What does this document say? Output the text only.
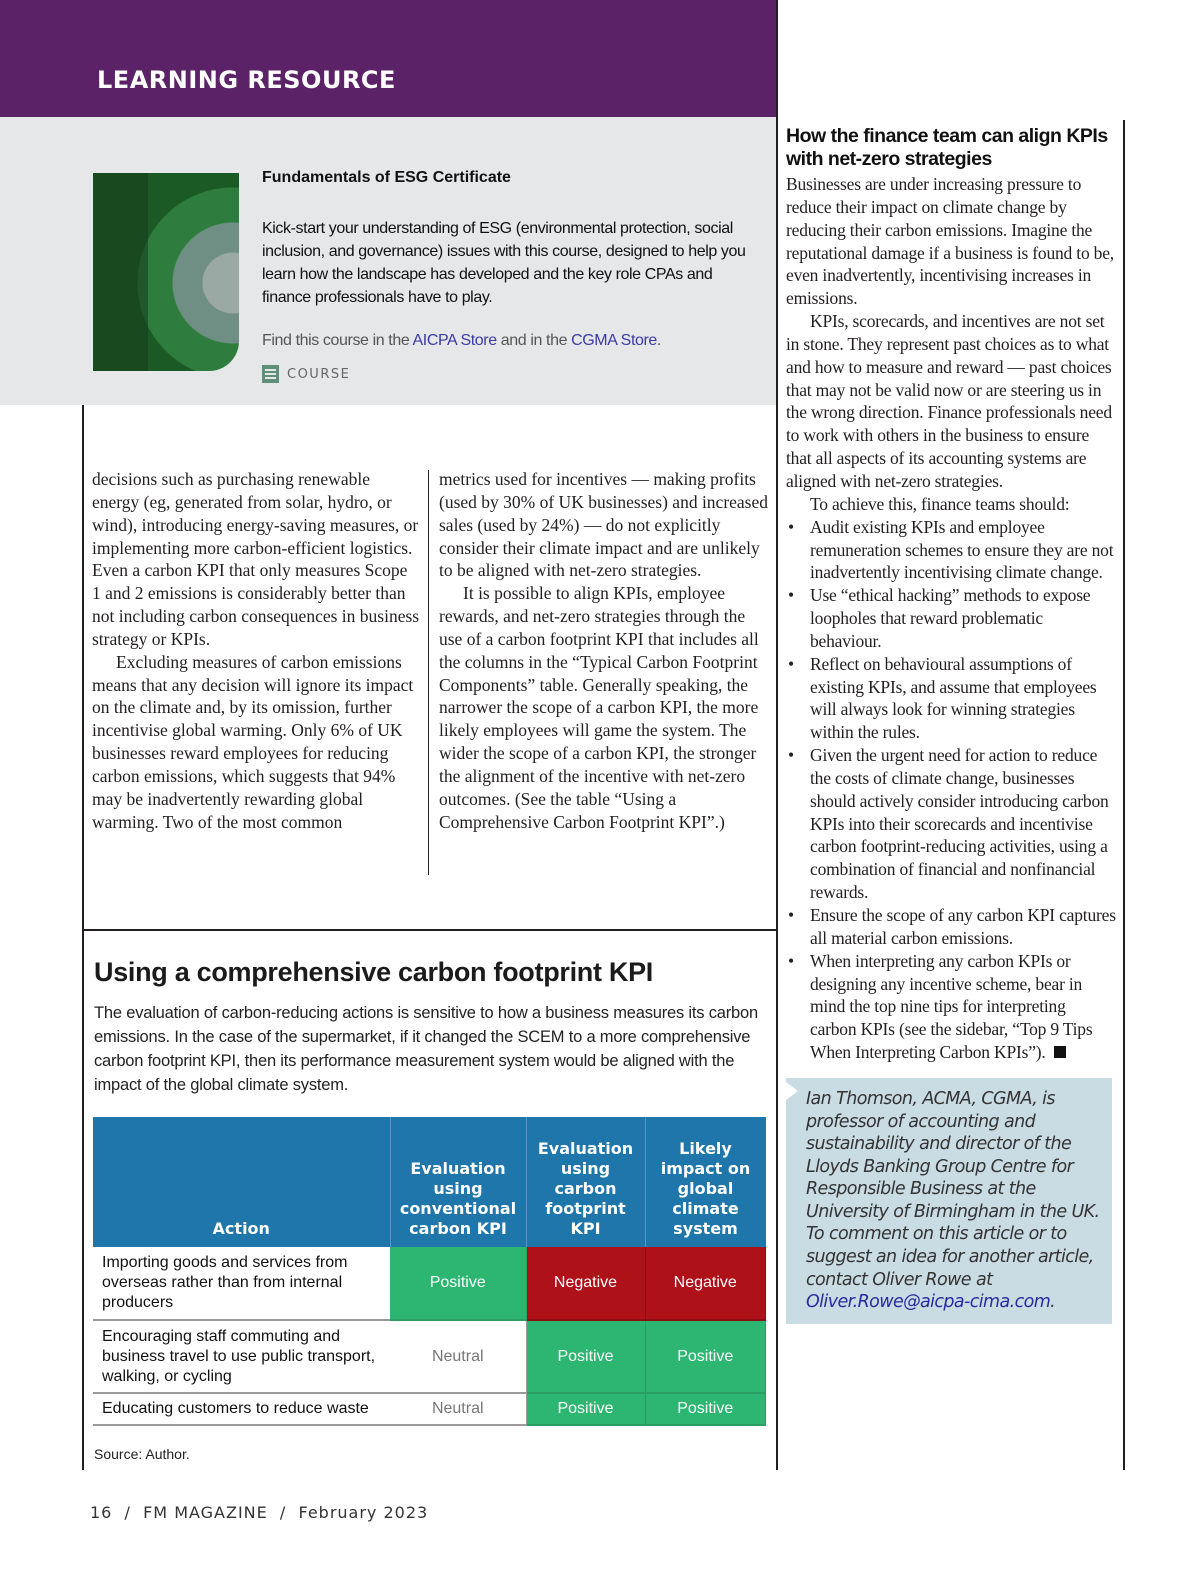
LEARNING RESOURCE
Fundamentals of ESG Certificate
Kick-start your understanding of ESG (environmental protection, social inclusion, and governance) issues with this course, designed to help you learn how the landscape has developed and the key role CPAs and finance professionals have to play.
Find this course in the AICPA Store and in the CGMA Store.
COURSE

decisions such as purchasing renewable energy (eg, generated from solar, hydro, or wind), introducing energy-saving measures, or implementing more carbon-efficient logistics. Even a carbon KPI that only measures Scope 1 and 2 emissions is considerably better than not including carbon consequences in business strategy or KPIs.

Excluding measures of carbon emissions means that any decision will ignore its impact on the climate and, by its omission, further incentivise global warming. Only 6% of UK businesses reward employees for reducing carbon emissions, which suggests that 94% may be inadvertently rewarding global warming. Two of the most common

metrics used for incentives — making profits (used by 30% of UK businesses) and increased sales (used by 24%) — do not explicitly consider their climate impact and are unlikely to be aligned with net-zero strategies.

It is possible to align KPIs, employee rewards, and net-zero strategies through the use of a carbon footprint KPI that includes all the columns in the “Typical Carbon Footprint Components” table. Generally speaking, the narrower the scope of a carbon KPI, the more likely employees will game the system. The wider the scope of a carbon KPI, the stronger the alignment of the incentive with net-zero outcomes. (See the table “Using a Comprehensive Carbon Footprint KPI”.)

Using a comprehensive carbon footprint KPI
The evaluation of carbon-reducing actions is sensitive to how a business measures its carbon emissions. In the case of the supermarket, if it changed the SCEM to a more comprehensive carbon footprint KPI, then its performance measurement system would be aligned with the impact of the global climate system.
Action	Evaluation using conventional carbon KPI	Evaluation using carbon footprint KPI	Likely impact on global climate system
Importing goods and services from overseas rather than from internal producers	Positive	Negative	Negative
Encouraging staff commuting and business travel to use public transport, walking, or cycling	Neutral	Positive	Positive
Educating customers to reduce waste	Neutral	Positive	Positive
Source: Author.
How the finance team can align KPIs with net-zero strategies

Businesses are under increasing pressure to reduce their impact on climate change by reducing their carbon emissions. Imagine the reputational damage if a business is found to be, even inadvertently, incentivising increases in emissions.

KPIs, scorecards, and incentives are not set in stone. They represent past choices as to what and how to measure and reward — past choices that may not be valid now or are steering us in the wrong direction. Finance professionals need to work with others in the business to ensure that all aspects of its accounting systems are aligned with net-zero strategies.

To achieve this, finance teams should:

• Audit existing KPIs and employee remuneration schemes to ensure they are not inadvertently incentivising climate change.
• Use “ethical hacking” methods to expose loopholes that reward problematic behaviour.
• Reflect on behavioural assumptions of existing KPIs, and assume that employees will always look for winning strategies within the rules.
• Given the urgent need for action to reduce the costs of climate change, businesses should actively consider introducing carbon KPIs into their scorecards and incentivise carbon footprint-reducing activities, using a combination of financial and nonfinancial rewards.
• Ensure the scope of any carbon KPI captures all material carbon emissions.
• When interpreting any carbon KPIs or designing any incentive scheme, bear in mind the top nine tips for interpreting carbon KPIs (see the sidebar, “Top 9 Tips When Interpreting Carbon KPIs”).
Ian Thomson, ACMA, CGMA, is professor of accounting and sustainability and director of the Lloyds Banking Group Centre for Responsible Business at the University of Birmingham in the UK. To comment on this article or to suggest an idea for another article, contact Oliver Rowe at Oliver.Rowe@aicpa-cima.com.
16  /  FM MAGAZINE  /  February 2023
